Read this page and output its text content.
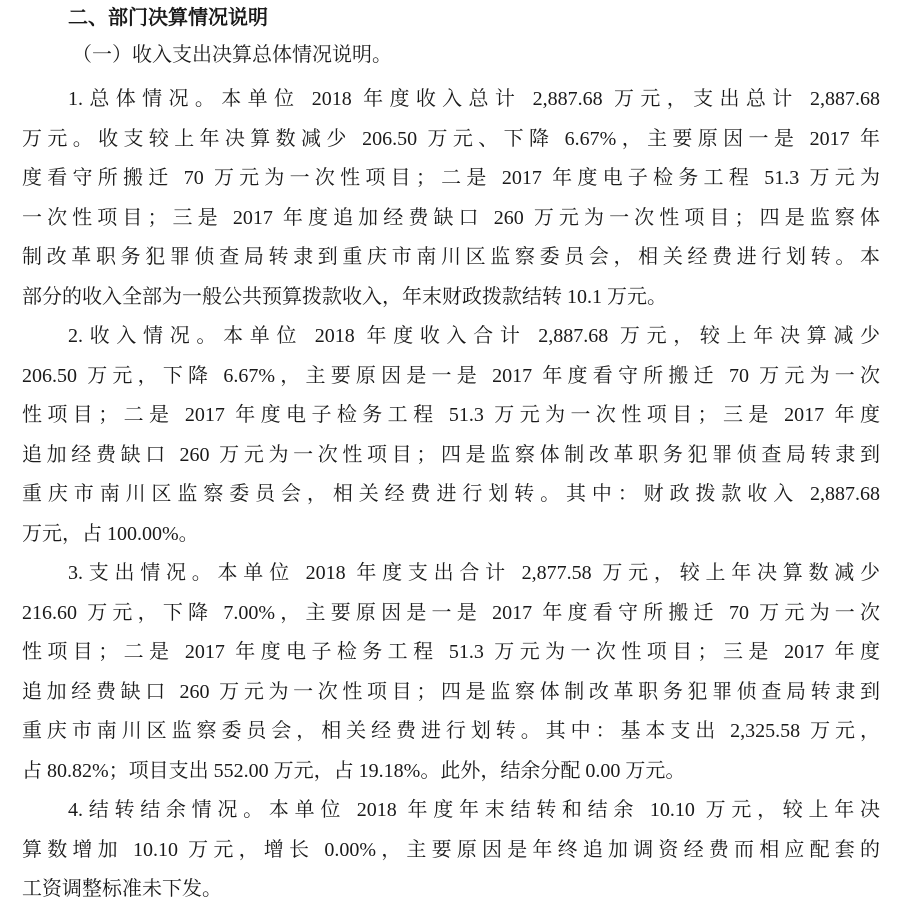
二、部门决算情况说明
（一）收入支出决算总体情况说明。
1.总体情况。本单位 2018 年度收入总计 2,887.68 万元，支出总计 2,887.68
万元。收支较上年决算数减少 206.50 万元、下降 6.67%，主要原因一是 2017 年
度看守所搬迁 70 万元为一次性项目；二是 2017 年度电子检务工程 51.3 万元为
一次性项目；三是 2017 年度追加经费缺口 260 万元为一次性项目；四是监察体
制改革职务犯罪侦查局转隶到重庆市南川区监察委员会，相关经费进行划转。本
部分的收入全部为一般公共预算拨款收入，年末财政拨款结转 10.1 万元。
2.收入情况。本单位 2018 年度收入合计 2,887.68 万元，较上年决算减少
206.50 万元，下降 6.67%，主要原因是一是 2017 年度看守所搬迁 70 万元为一次
性项目；二是 2017 年度电子检务工程 51.3 万元为一次性项目；三是 2017 年度
追加经费缺口 260 万元为一次性项目；四是监察体制改革职务犯罪侦查局转隶到
重庆市南川区监察委员会，相关经费进行划转。其中：财政拨款收入 2,887.68
万元，占 100.00%。
3.支出情况。本单位 2018 年度支出合计 2,877.58 万元，较上年决算数减少
216.60 万元，下降 7.00%，主要原因是一是 2017 年度看守所搬迁 70 万元为一次
性项目；二是 2017 年度电子检务工程 51.3 万元为一次性项目；三是 2017 年度
追加经费缺口 260 万元为一次性项目；四是监察体制改革职务犯罪侦查局转隶到
重庆市南川区监察委员会，相关经费进行划转。其中：基本支出 2,325.58 万元，
占 80.82%；项目支出 552.00 万元，占 19.18%。此外，结余分配 0.00 万元。
4.结转结余情况。本单位 2018 年度年末结转和结余 10.10 万元，较上年决
算数增加 10.10 万元，增长 0.00%，主要原因是年终追加调资经费而相应配套的
工资调整标准未下发。
